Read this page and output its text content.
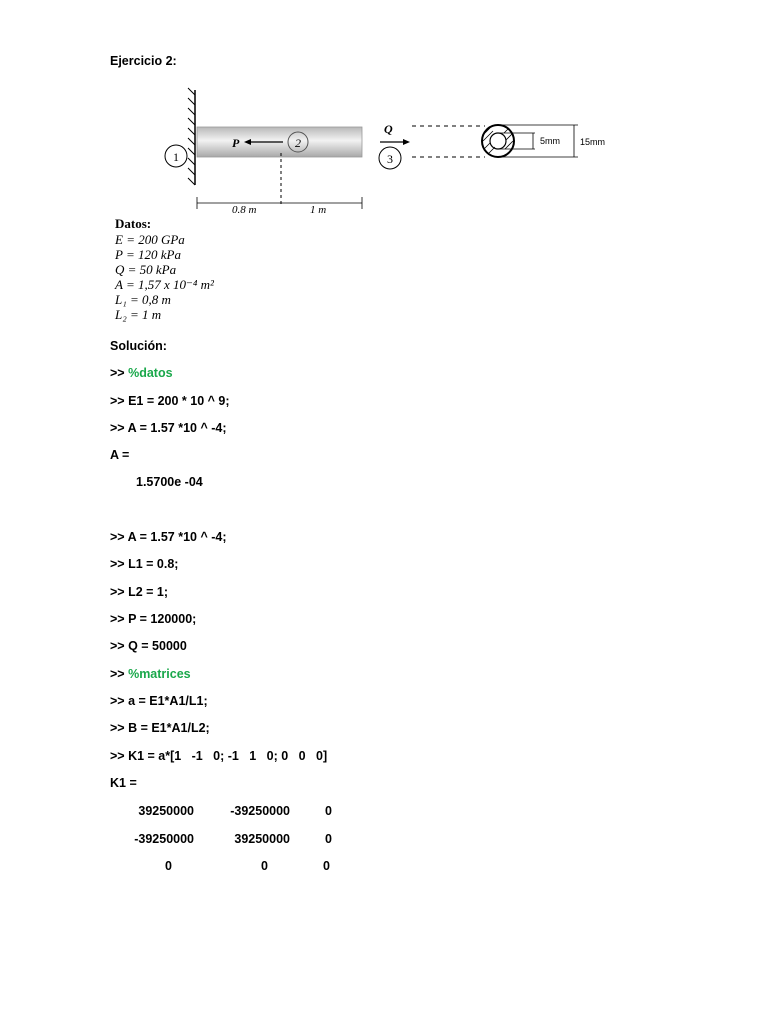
Ejercicio 2:
1
2
3
P
Q
5mm 15mm
0.8 m	1 m
Datos:
E = 200 GPa
P = 120 kPa
Q = 50 kPa
A = 1,57 x 10⁻⁴ m²
L₁ = 0,8 m
L₂ = 1 m
Solución:
>> %datos
>> E1 = 200 * 10 ^ 9;
>> A = 1.57 *10 ^ -4;
A =
1.5700e -04
>> A = 1.57 *10 ^ -4;
>> L1 = 0.8;
>> L2 = 1;
>> P = 120000;
>> Q = 50000
>> %matrices
>> a = E1*A1/L1;
>> B = E1*A1/L2;
>> K1 = a*[1   -1   0; -1   1   0; 0   0   0]
K1 =
39250000	-39250000	0
-39250000	39250000	0
0	0	0
